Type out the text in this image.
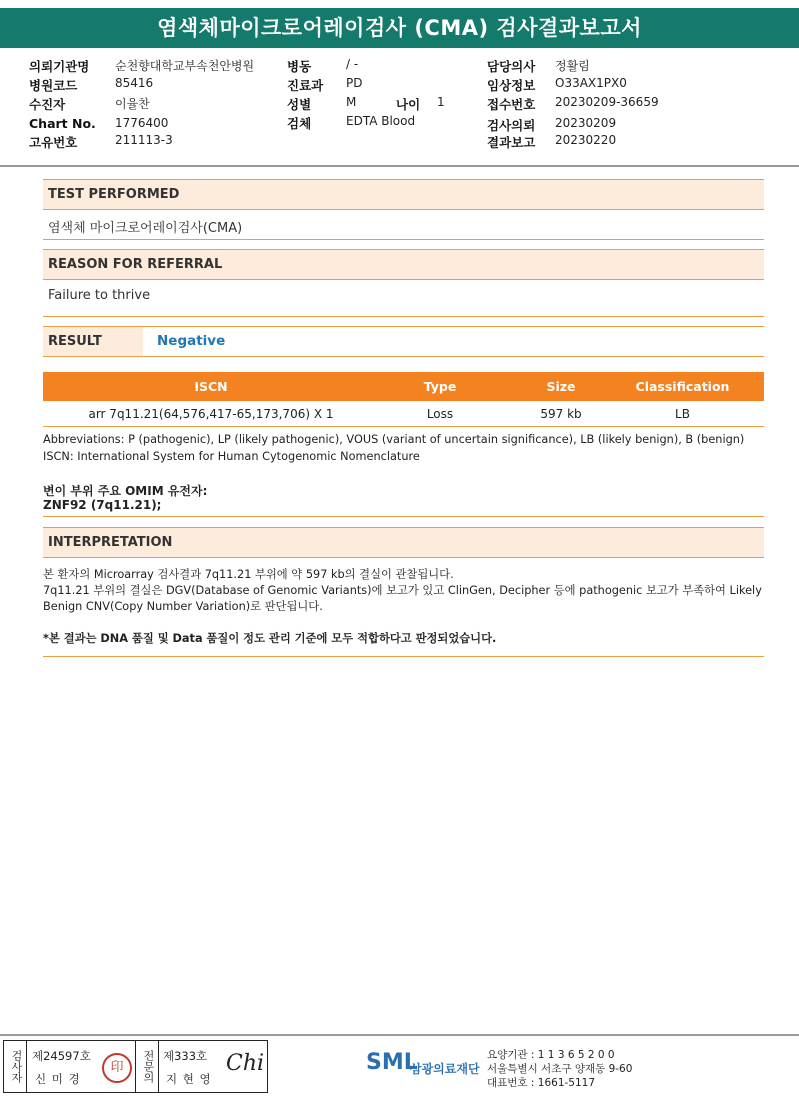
염색체마이크로어레이검사 (CMA) 검사결과보고서
의뢰기관명 순천향대학교부속천안병원
병원코드	85416
수진자	이율찬
Chart No. 1776400
고유번호	211113-3
병동	/ -
진료과 PD
성별	M	나이 1
검체	EDTA Blood
담당의사 정활림
임상정보 O33AX1PX0
접수번호 20230209-36659
검사의뢰 20230209
결과보고 20230220
TEST PERFORMED
염색체 마이크로어레이검사(CMA)
REASON FOR REFERRAL
Failure to thrive
RESULT	Negative
ISCN	Type	Size	Classification
arr 7q11.21(64,576,417-65,173,706) X 1	Loss	597 kb	LB
Abbreviations: P (pathogenic), LP (likely pathogenic), VOUS (variant of uncertain significance), LB (likely benign), B (benign)
ISCN: International System for Human Cytogenomic Nomenclature
변이 부위 주요 OMIM 유전자:
ZNF92 (7q11.21);
INTERPRETATION
본 환자의 Microarray 검사결과 7q11.21 부위에 약 597 kb의 결실이 관찰됩니다.
7q11.21 부위의 결실은 DGV(Database of Genomic Variants)에 보고가 있고 ClinGen, Decipher 등에 pathogenic 보고가 부족하여 Likely
Benign CNV(Copy Number Variation)로 판단됩니다.
*본 결과는 DNA 품질 및 Data 품질이 정도 관리 기준에 모두 적합하다고 판정되었습니다.
검사자 제24597호
신 미 경
印	전문의 제333호
지 현 영
Chi	SML
삼광의료재단
요양기관 : 1 1 3 6 5 2 0 0
서울특별시 서초구 양재동 9-60
대표번호 : 1661-5117
